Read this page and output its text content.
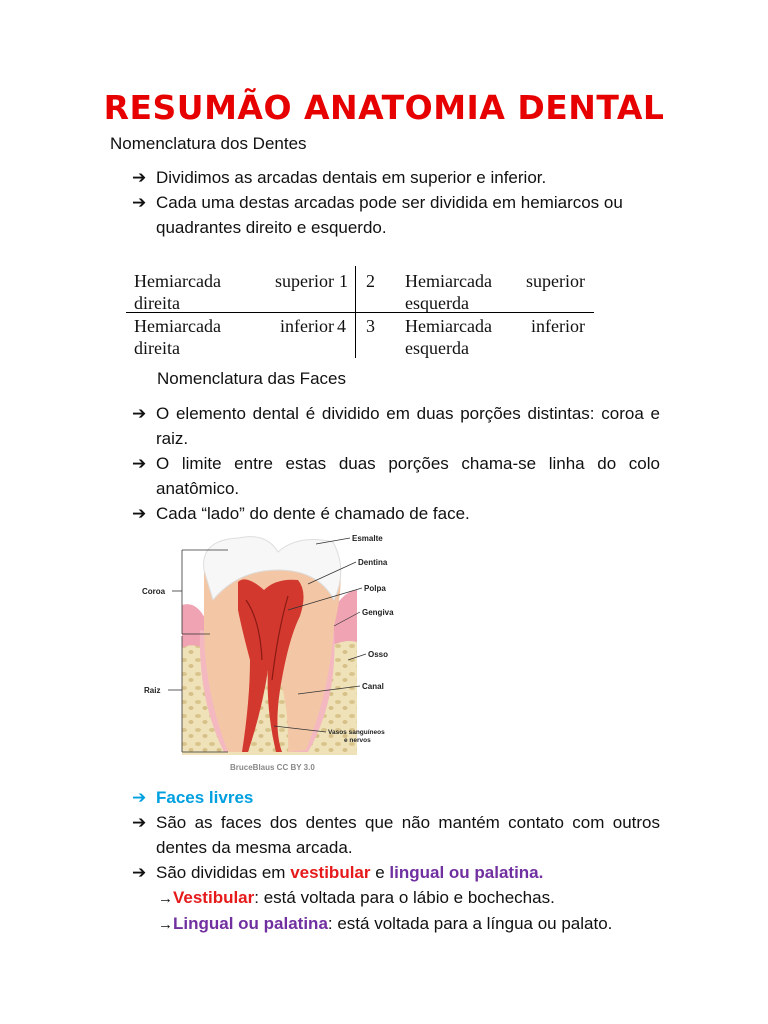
RESUMÃO ANATOMIA DENTAL
Nomenclatura dos Dentes
➔ Dividimos as arcadas dentais em superior e inferior.
➔ Cada uma destas arcadas pode ser dividida em hemiarcos ou quadrantes direito e esquerdo.
Hemiarcada	superior
direita
1 2 Hemiarcada superior
esquerda
Hemiarcada	inferior
direita
4 3 Hemiarcada inferior
esquerda
Nomenclatura das Faces
➔ O elemento dental é dividido em duas porções distintas: coroa e raiz.
➔ O limite entre estas duas porções chama-se linha do colo anatômico.
➔ Cada “lado” do dente é chamado de face.
Esmalte
Dentina
Polpa
Gengiva
Osso
Canal
Vasos sanguíneos
e nervos
Coroa
Raiz
BruceBlaus CC BY 3.0
➔ Faces livres
➔ São as faces dos dentes que não mantém contato com outros dentes da mesma arcada.
➔ São divididas em vestibular e lingual ou palatina.
→Vestibular: está voltada para o lábio e bochechas.
→Lingual ou palatina: está voltada para a língua ou palato.
